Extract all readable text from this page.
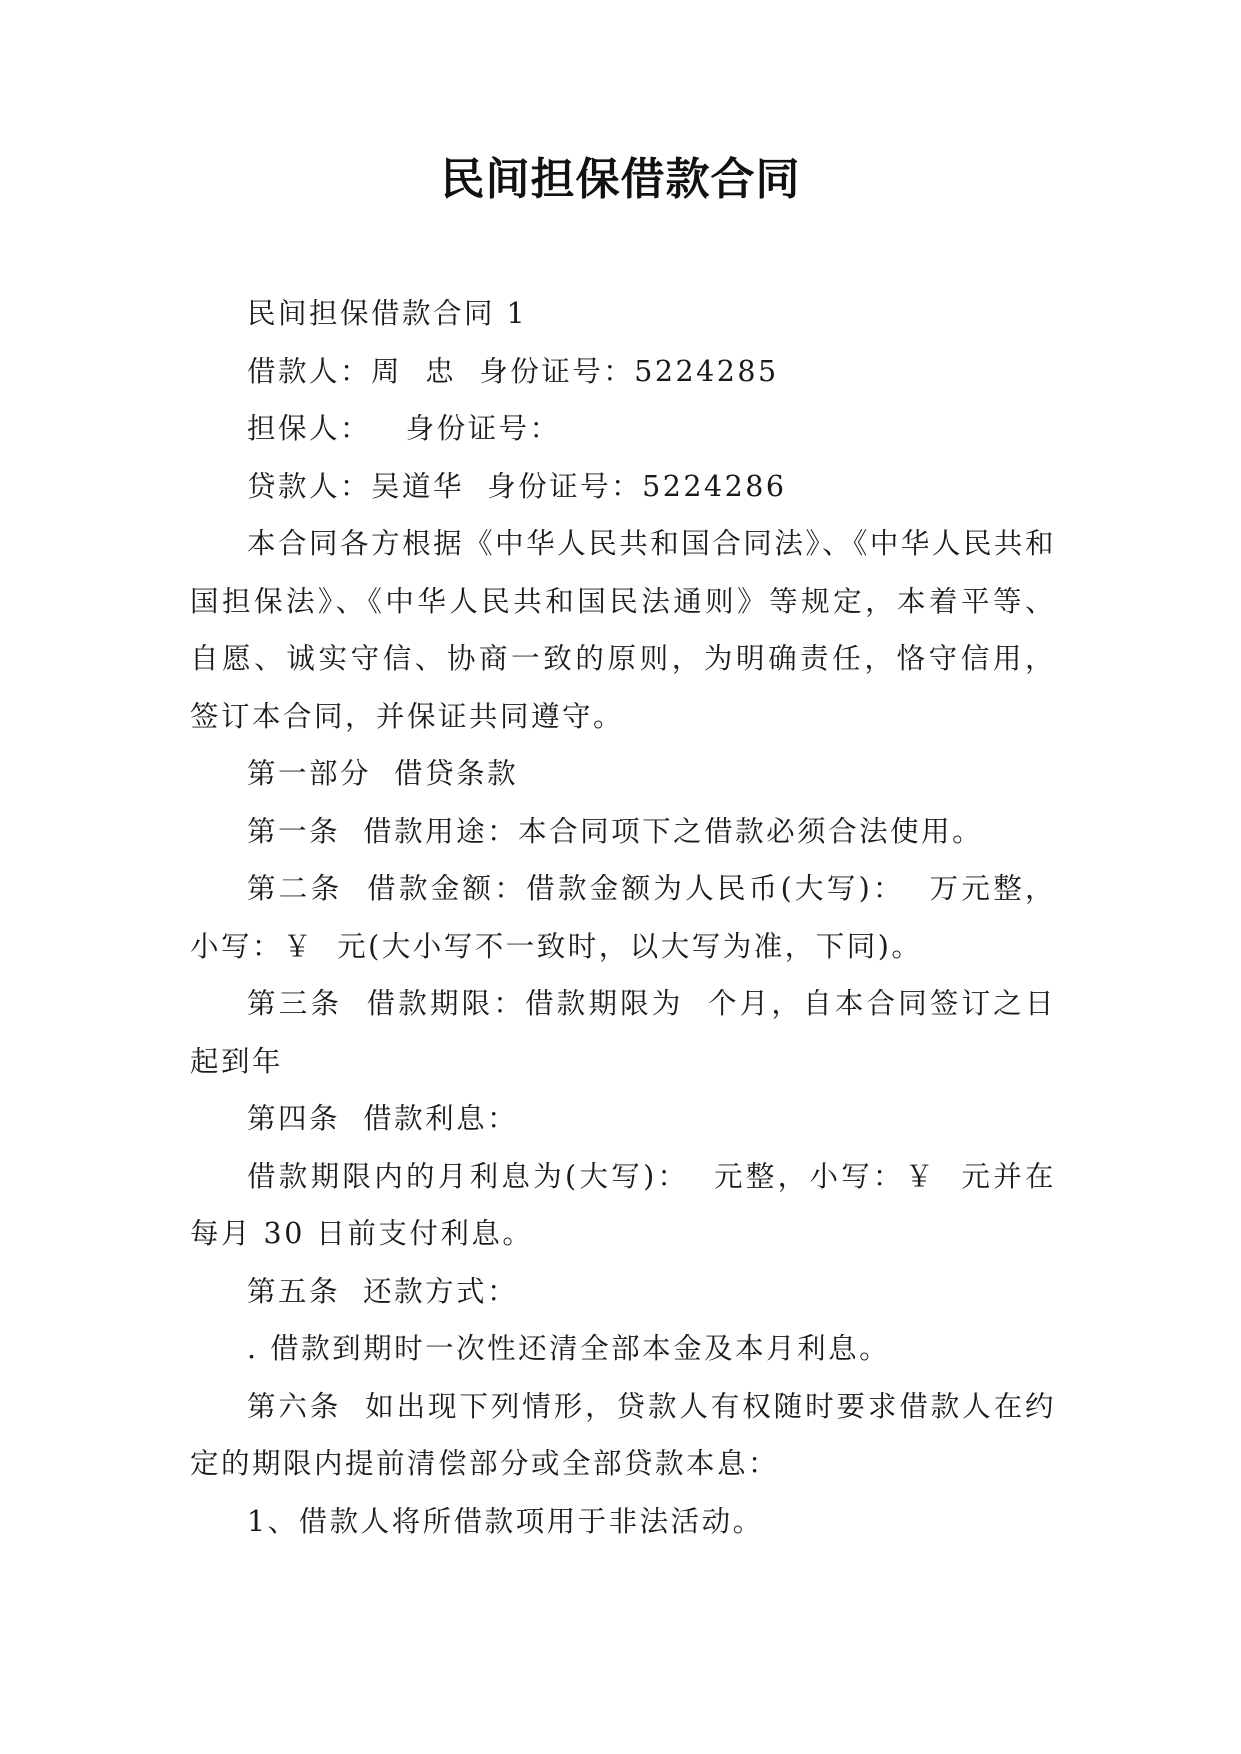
民间担保借款合同

民间担保借款合同 1

借款人：周  忠  身份证号：5224285

担保人：   身份证号：

贷款人：吴道华  身份证号：5224286

本合同各方根据《中华人民共和国合同法》、《中华人民共和国担保法》、《中华人民共和国民法通则》等规定，本着平等、自愿、诚实守信、协商一致的原则，为明确责任，恪守信用，签订本合同，并保证共同遵守。

第一部分  借贷条款

第一条  借款用途：本合同项下之借款必须合法使用。

第二条  借款金额：借款金额为人民币(大写)：  万元整，小写：￥  元(大小写不一致时，以大写为准，下同)。

第三条  借款期限：借款期限为  个月，自本合同签订之日起到年

第四条  借款利息：

借款期限内的月利息为(大写)：  元整，小写：￥  元并在每月 30 日前支付利息。

第五条  还款方式：

. 借款到期时一次性还清全部本金及本月利息。

第六条  如出现下列情形，贷款人有权随时要求借款人在约定的期限内提前清偿部分或全部贷款本息：

1、借款人将所借款项用于非法活动。
